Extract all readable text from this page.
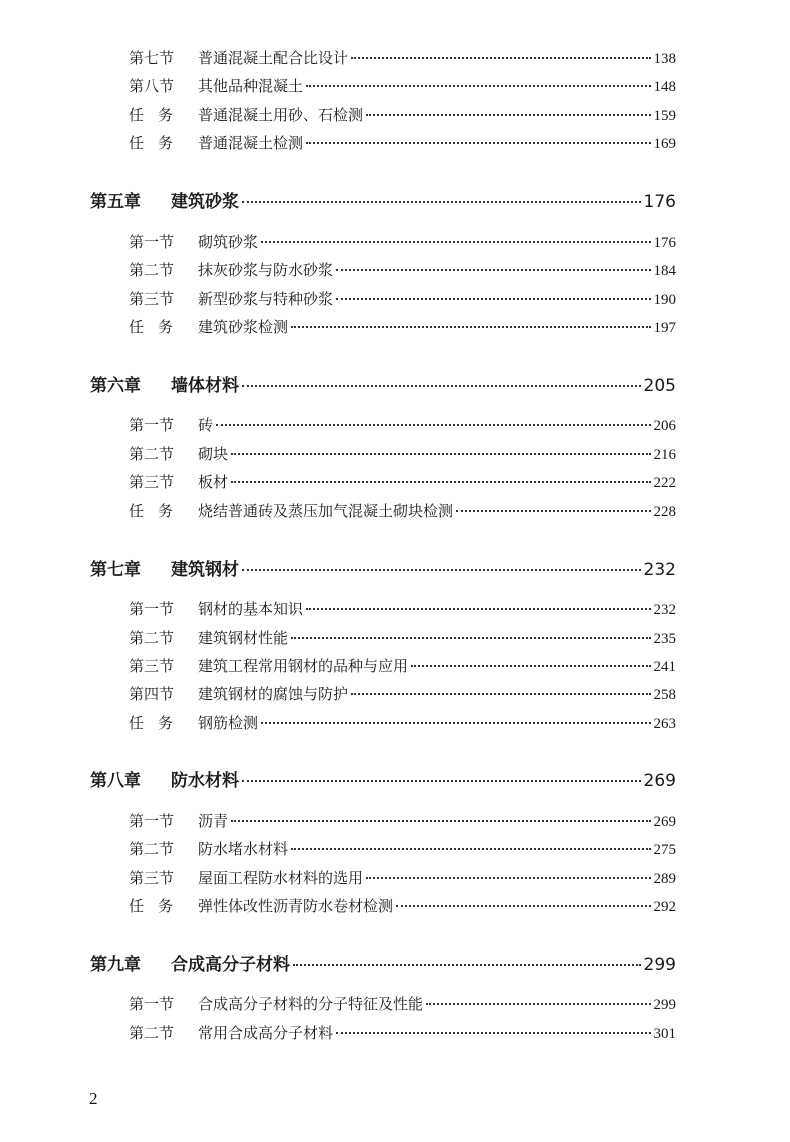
第七节	普通混凝土配合比设计	138
第八节	其他品种混凝土	148
任务 普通混凝土用砂、石检测	159
任务 普通混凝土检测	169
第五章	建筑砂浆	176
第一节	砌筑砂浆	176
第二节	抹灰砂浆与防水砂浆	184
第三节	新型砂浆与特种砂浆	190
任务 建筑砂浆检测	197
第六章	墙体材料	205
第一节	砖	206
第二节	砌块	216
第三节	板材	222
任务 烧结普通砖及蒸压加气混凝土砌块检测	228
第七章	建筑钢材	232
第一节	钢材的基本知识	232
第二节	建筑钢材性能	235
第三节	建筑工程常用钢材的品种与应用	241
第四节	建筑钢材的腐蚀与防护	258
任务 钢筋检测	263
第八章	防水材料	269
第一节	沥青	269
第二节	防水堵水材料	275
第三节	屋面工程防水材料的选用	289
任务 弹性体改性沥青防水卷材检测	292
第九章	合成高分子材料	299
第一节	合成高分子材料的分子特征及性能	299
第二节	常用合成高分子材料	301
2
